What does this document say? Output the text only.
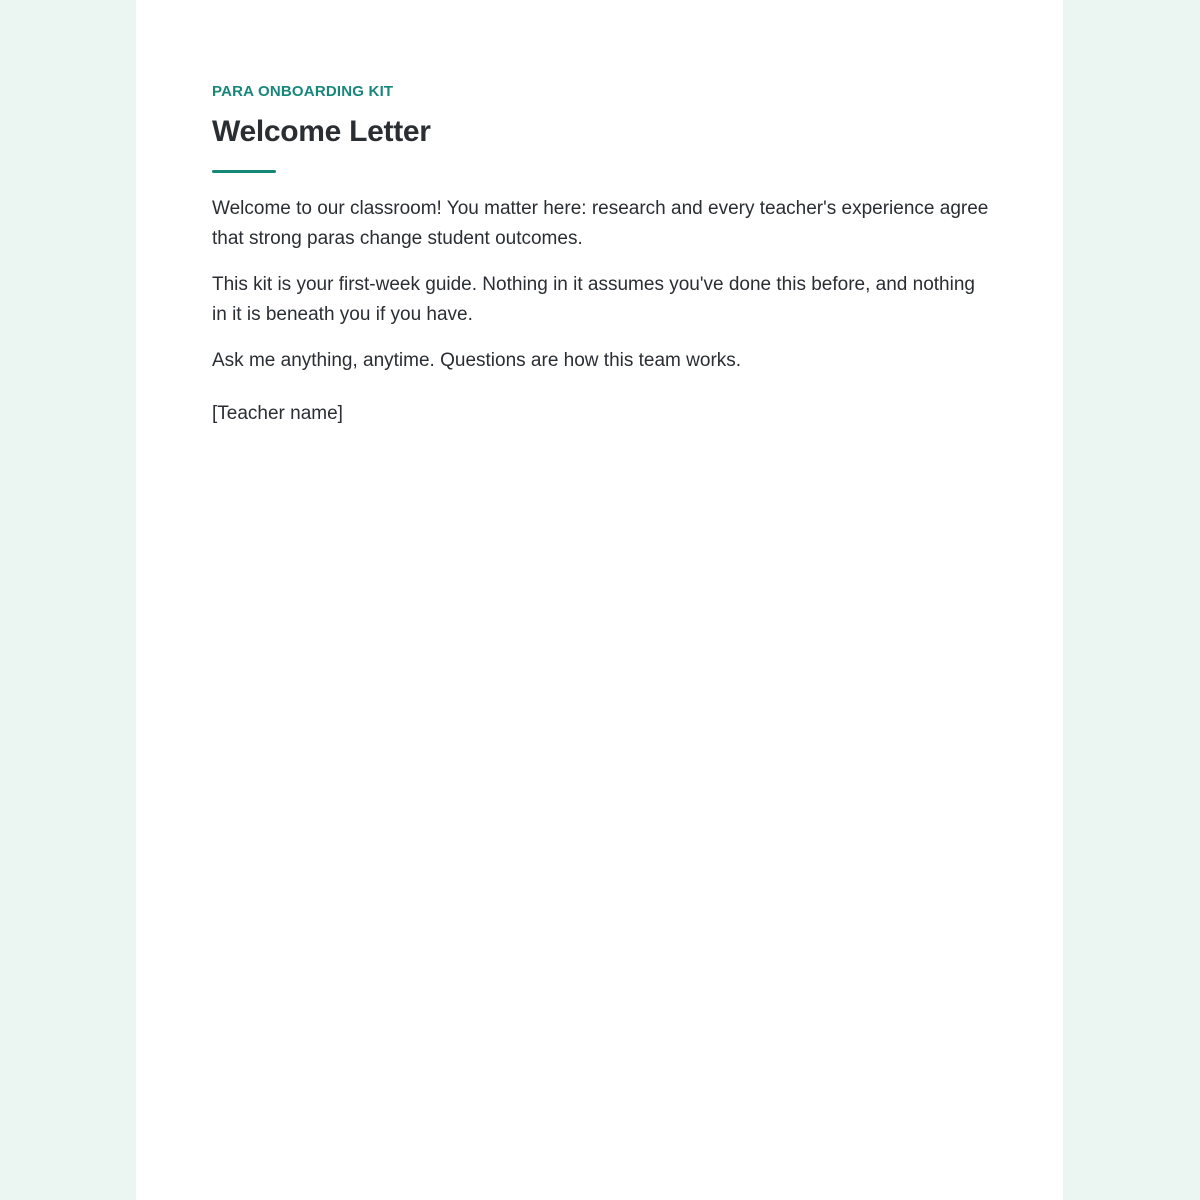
PARA ONBOARDING KIT

Welcome Letter

Welcome to our classroom! You matter here: research and every teacher's experience agree that strong paras change student outcomes.

This kit is your first-week guide. Nothing in it assumes you've done this before, and nothing in it is beneath you if you have.

Ask me anything, anytime. Questions are how this team works.

[Teacher name]
